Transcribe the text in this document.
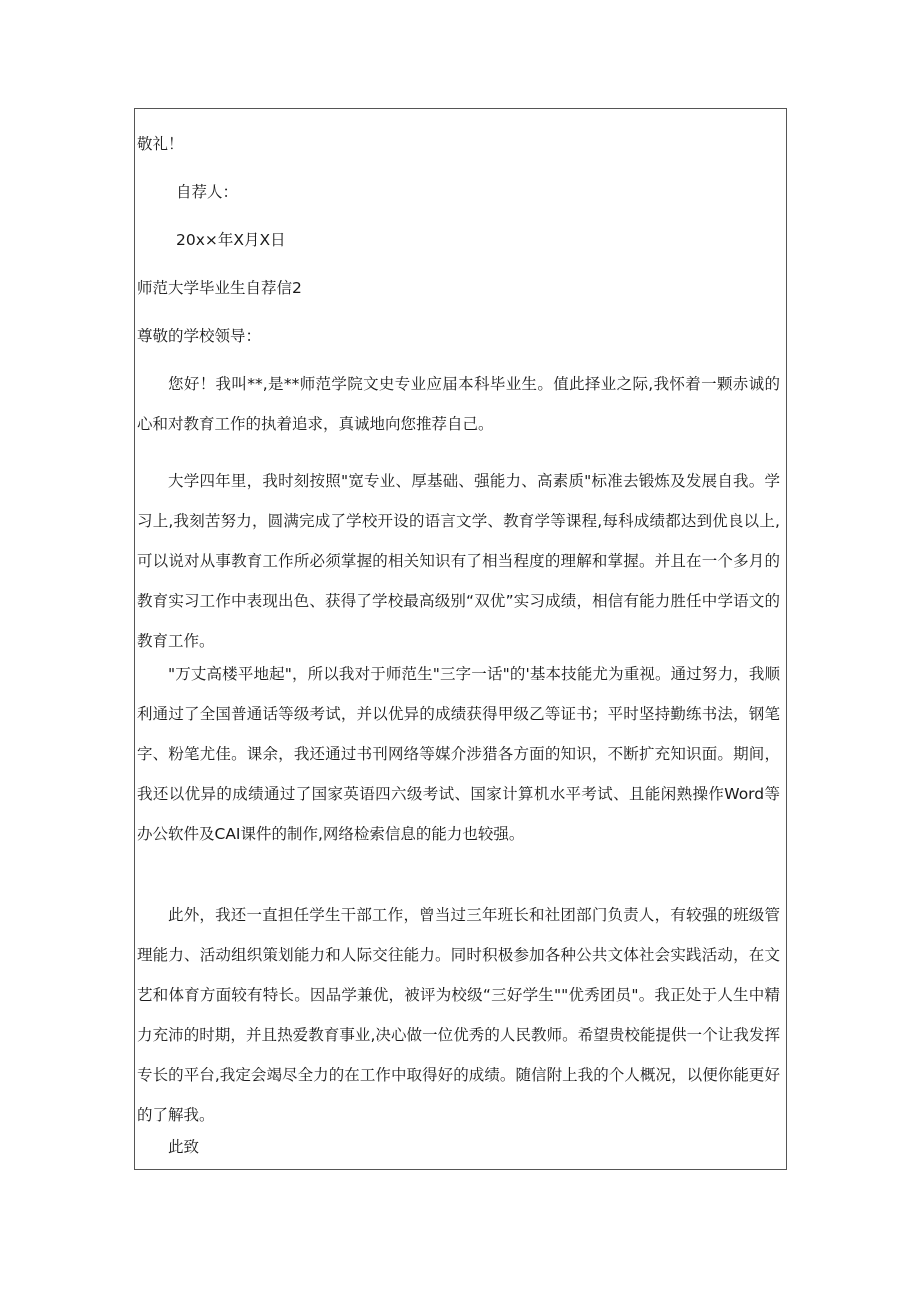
敬礼！
自荐人：
20x×年X月X日
师范大学毕业生自荐信2
尊敬的学校领导：
您好！我叫**,是**师范学院文史专业应届本科毕业生。值此择业之际,我怀着一颗赤诚的心和对教育工作的执着追求，真诚地向您推荐自己。
大学四年里，我时刻按照"宽专业、厚基础、强能力、高素质"标准去锻炼及发展自我。学习上,我刻苦努力，圆满完成了学校开设的语言文学、教育学等课程,每科成绩都达到优良以上,可以说对从事教育工作所必须掌握的相关知识有了相当程度的理解和掌握。并且在一个多月的教育实习工作中表现出色、获得了学校最高级别“双优”实习成绩，相信有能力胜任中学语文的教育工作。
"万丈高楼平地起"，所以我对于师范生"三字一话"的'基本技能尤为重视。通过努力，我顺利通过了全国普通话等级考试，并以优异的成绩获得甲级乙等证书；平时坚持勤练书法，钢笔字、粉笔尤佳。课余，我还通过书刊网络等媒介涉猎各方面的知识，不断扩充知识面。期间，我还以优异的成绩通过了国家英语四六级考试、国家计算机水平考试、且能闲熟操作Word等办公软件及CAI课件的制作,网络检索信息的能力也较强。
此外，我还一直担任学生干部工作，曾当过三年班长和社团部门负责人，有较强的班级管理能力、活动组织策划能力和人际交往能力。同时积极参加各种公共文体社会实践活动，在文艺和体育方面较有特长。因品学兼优，被评为校级“三好学生""优秀团员"。我正处于人生中精力充沛的时期，并且热爱教育事业,决心做一位优秀的人民教师。希望贵校能提供一个让我发挥专长的平台,我定会竭尽全力的在工作中取得好的成绩。随信附上我的个人概况，以便你能更好的了解我。
此致
